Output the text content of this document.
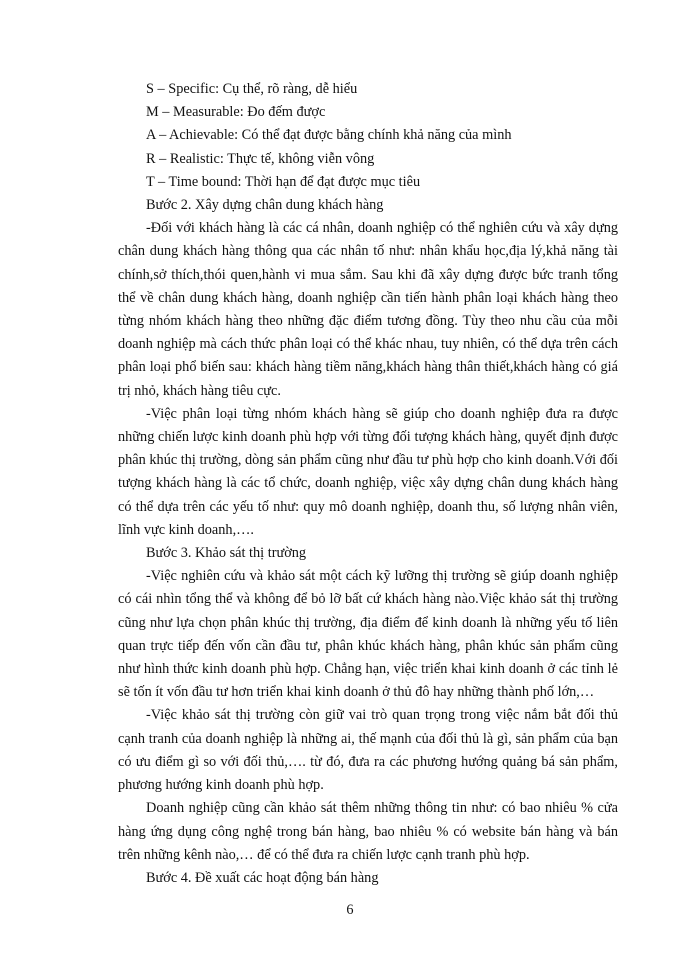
S – Specific: Cụ thể, rõ ràng, dễ hiểu

M – Measurable: Đo đếm được

A – Achievable: Có thể đạt được bằng chính khả năng của mình

R – Realistic: Thực tế, không viễn vông

T – Time bound: Thời hạn để đạt được mục tiêu

Bước 2. Xây dựng chân dung khách hàng

-Đối với khách hàng là các cá nhân, doanh nghiệp có thể nghiên cứu và xây dựng chân dung khách hàng thông qua các nhân tố như: nhân khẩu học,địa lý,khả năng tài chính,sở thích,thói quen,hành vi mua sắm. Sau khi đã xây dựng được bức tranh tổng thể về chân dung khách hàng, doanh nghiệp cần tiến hành phân loại khách hàng theo từng nhóm khách hàng theo những đặc điểm tương đồng. Tùy theo nhu cầu của mỗi doanh nghiệp mà cách thức phân loại có thể khác nhau, tuy nhiên, có thể dựa trên cách phân loại phổ biến sau: khách hàng tiềm năng,khách hàng thân thiết,khách hàng có giá trị nhỏ, khách hàng tiêu cực.

-Việc phân loại từng nhóm khách hàng sẽ giúp cho doanh nghiệp đưa ra được những chiến lược kinh doanh phù hợp với từng đối tượng khách hàng, quyết định được phân khúc thị trường, dòng sản phẩm cũng như đầu tư phù hợp cho kinh doanh.Với đối tượng khách hàng là các tổ chức, doanh nghiệp, việc xây dựng chân dung khách hàng có thể dựa trên các yếu tố như: quy mô doanh nghiệp, doanh thu, số lượng nhân viên, lĩnh vực kinh doanh,….

Bước 3. Khảo sát thị trường

-Việc nghiên cứu và khảo sát một cách kỹ lưỡng thị trường sẽ giúp doanh nghiệp có cái nhìn tổng thể và không để bỏ lỡ bất cứ khách hàng nào.Việc khảo sát thị trường cũng như lựa chọn phân khúc thị trường, địa điểm để kinh doanh là những yếu tố liên quan trực tiếp đến vốn cần đầu tư, phân khúc khách hàng, phân khúc sản phẩm cũng như hình thức kinh doanh phù hợp. Chẳng hạn, việc triển khai kinh doanh ở các tỉnh lẻ sẽ tốn ít vốn đầu tư hơn triển khai kinh doanh ở thủ đô hay những thành phố lớn,…

-Việc khảo sát thị trường còn giữ vai trò quan trọng trong việc nắm bắt đối thủ cạnh tranh của doanh nghiệp là những ai, thế mạnh của đối thủ là gì, sản phẩm của bạn có ưu điểm gì so với đối thủ,…. từ đó, đưa ra các phương hướng quảng bá sản phẩm, phương hướng kinh doanh phù hợp.

Doanh nghiệp cũng cần khảo sát thêm những thông tin như: có bao nhiêu % cửa hàng ứng dụng công nghệ trong bán hàng, bao nhiêu % có website bán hàng và bán trên những kênh nào,… để có thể đưa ra chiến lược cạnh tranh phù hợp.

Bước 4. Đề xuất các hoạt động bán hàng

6
